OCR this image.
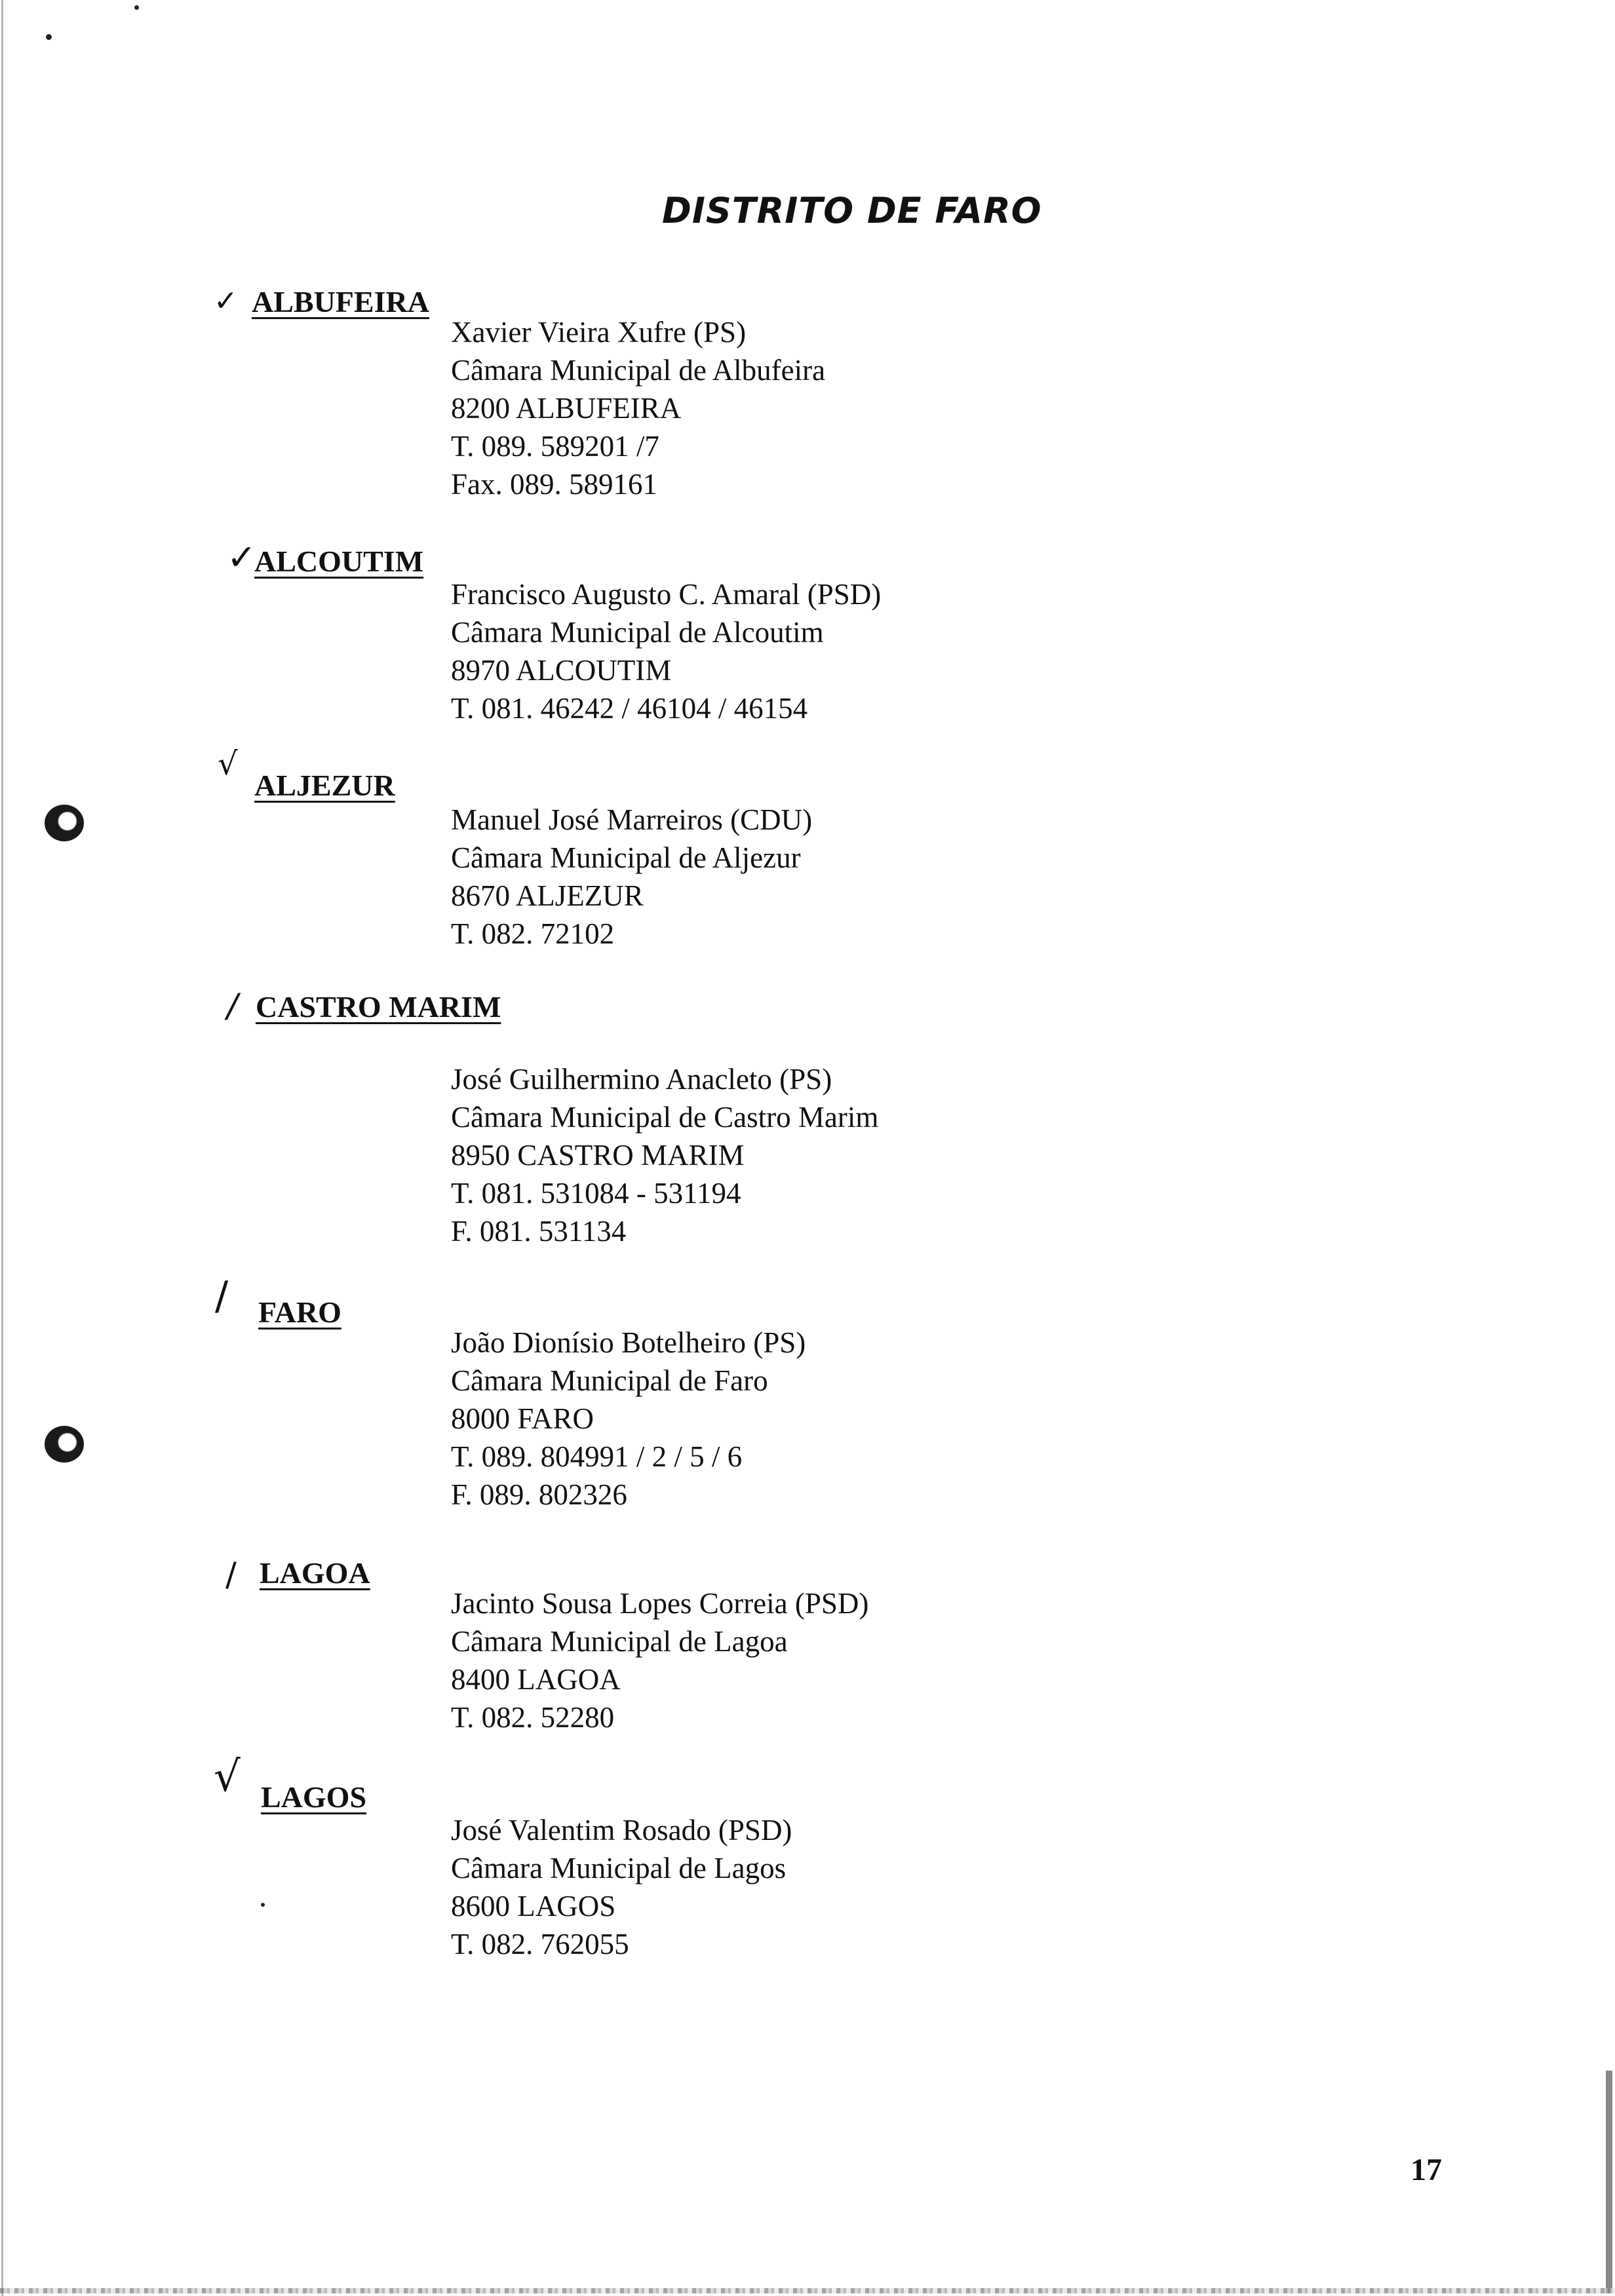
DISTRITO DE FARO
✓ ALBUFEIRA
Xavier Vieira Xufre (PS)
Câmara Municipal de Albufeira
8200 ALBUFEIRA
T. 089. 589201 /7
Fax. 089. 589161
✓
ALCOUTIM
Francisco Augusto C. Amaral (PSD)
Câmara Municipal de Alcoutim
8970 ALCOUTIM
T. 081. 46242 / 46104 / 46154
√
ALJEZUR
Manuel José Marreiros (CDU)
Câmara Municipal de Aljezur
8670 ALJEZUR
T. 082. 72102
/ CASTRO MARIM
José Guilhermino Anacleto (PS)
Câmara Municipal de Castro Marim
8950 CASTRO MARIM
T. 081. 531084 - 531194
F. 081. 531134
/ FARO
João Dionísio Botelheiro (PS)
Câmara Municipal de Faro
8000 FARO
T. 089. 804991 / 2 / 5 / 6
F. 089. 802326
/ LAGOA
Jacinto Sousa Lopes Correia (PSD)
Câmara Municipal de Lagoa
8400 LAGOA
T. 082. 52280
√ LAGOS
José Valentim Rosado (PSD)
Câmara Municipal de Lagos
8600 LAGOS
T. 082. 762055
17
